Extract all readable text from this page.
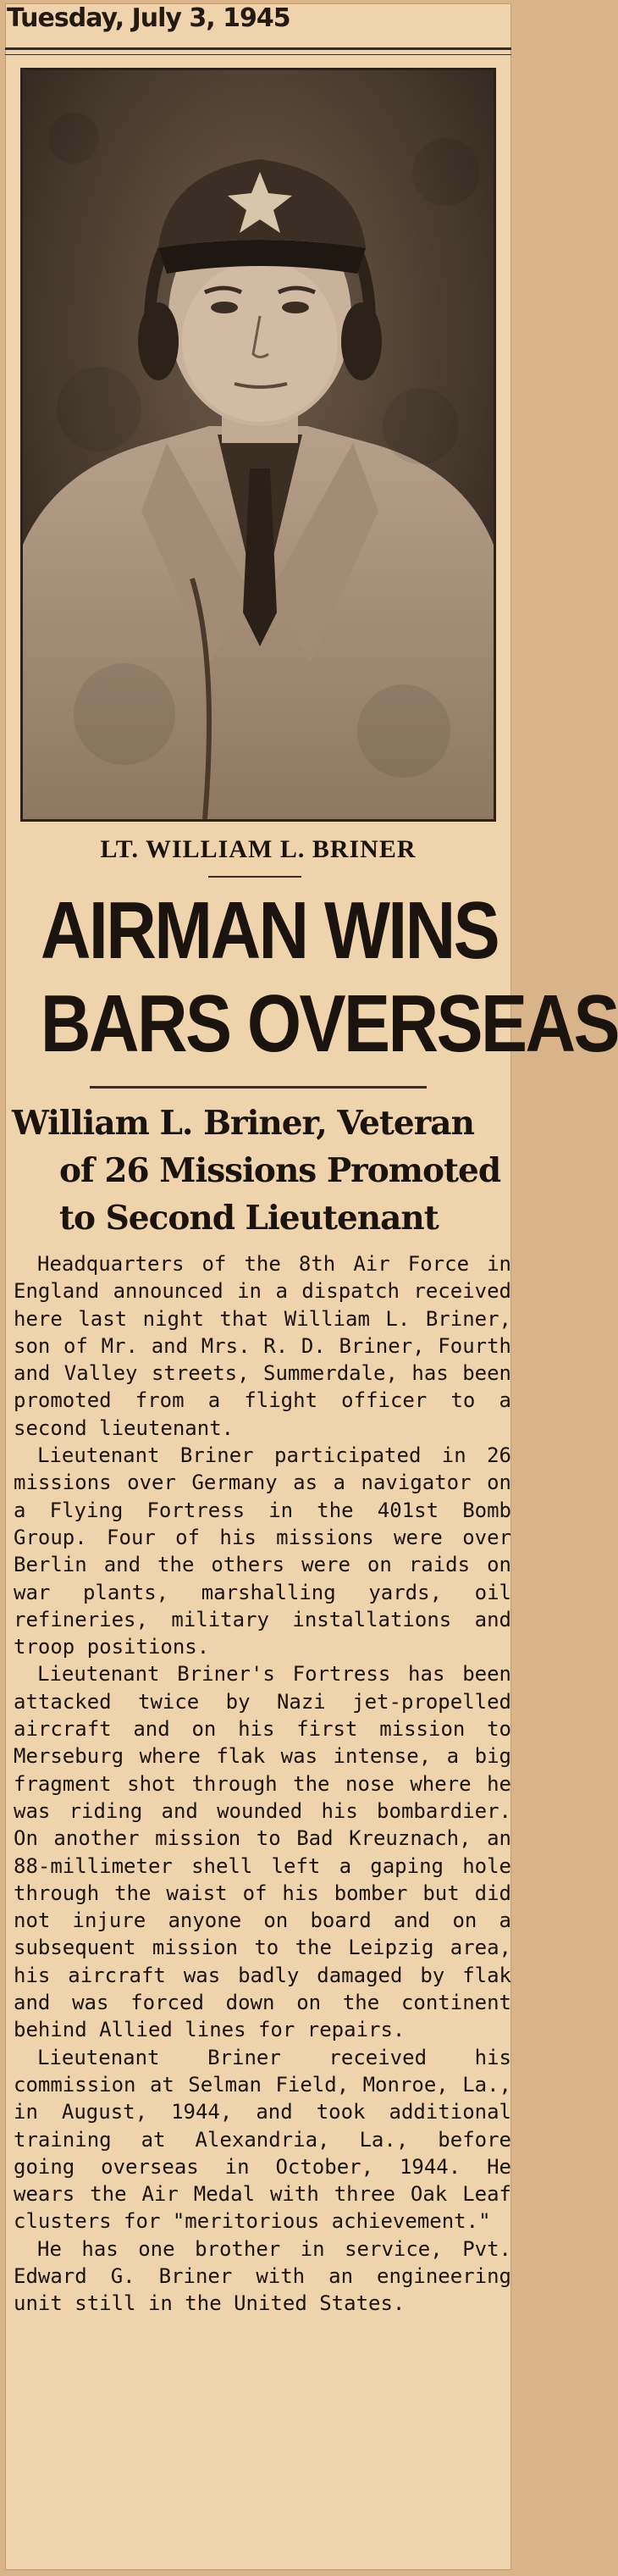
Tuesday, July 3, 1945
LT. WILLIAM L. BRINER
AIRMAN WINS
BARS OVERSEAS
William L. Briner, Veteran
of 26 Missions Promoted
to Second Lieutenant

Headquarters of the 8th Air Force in England announced in a dispatch received here last night that William L. Briner, son of Mr. and Mrs. R. D. Briner, Fourth and Valley streets, Summerdale, has been promoted from a flight officer to a second lieutenant.

Lieutenant Briner participated in 26 missions over Germany as a navigator on a Flying Fortress in the 401st Bomb Group. Four of his missions were over Berlin and the others were on raids on war plants, marshalling yards, oil refineries, military installations and troop positions.

Lieutenant Briner's Fortress has been attacked twice by Nazi jet-propelled aircraft and on his first mission to Merseburg where flak was intense, a big fragment shot through the nose where he was riding and wounded his bombardier. On another mission to Bad Kreuznach, an 88-millimeter shell left a gaping hole through the waist of his bomber but did not injure anyone on board and on a subsequent mission to the Leipzig area, his aircraft was badly damaged by flak and was forced down on the continent behind Allied lines for repairs.

Lieutenant Briner received his commission at Selman Field, Monroe, La., in August, 1944, and took additional training at Alexandria, La., before going overseas in October, 1944. He wears the Air Medal with three Oak Leaf clusters for "meritorious achievement."

He has one brother in service, Pvt. Edward G. Briner with an engineering unit still in the United States.
